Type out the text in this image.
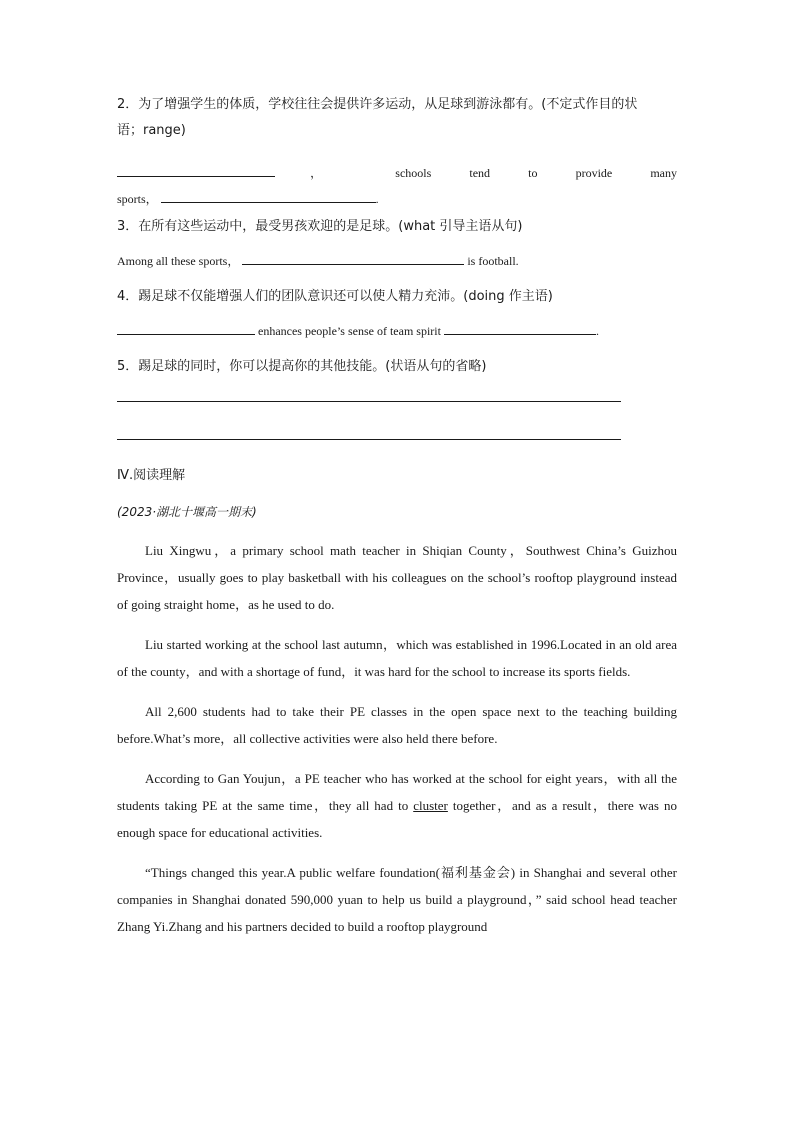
2．为了增强学生的体质，学校往往会提供许多运动，从足球到游泳都有。(不定式作目的状
语；range)

，	schools	tend	to	provide	many
sports，	.

3．在所有这些运动中，最受男孩欢迎的是足球。(what 引导主语从句)

Among all these sports，	is football.

4．踢足球不仅能增强人们的团队意识还可以使人精力充沛。(doing 作主语)

enhances people’s sense of team spirit	.

5．踢足球的同时，你可以提高你的其他技能。(状语从句的省略)

Ⅳ.阅读理解
(2023·湖北十堰高一期末)

Liu Xingwu，a primary school math teacher in Shiqian County，Southwest China’s Guizhou Province，usually goes to play basketball with his colleagues on the school’s rooftop playground instead of going straight home，as he used to do.

Liu started working at the school last autumn，which was established in 1996.Located in an old area of the county，and with a shortage of fund，it was hard for the school to increase its sports fields.

All 2,600 students had to take their PE classes in the open space next to the teaching building before.What’s more，all collective activities were also held there before.

According to Gan Youjun，a PE teacher who has worked at the school for eight years，with all the students taking PE at the same time，they all had to cluster together，and as a result，there was no enough space for educational activities.

“Things changed this year.A public welfare foundation(福利基金会) in Shanghai and several other companies in Shanghai donated 590,000 yuan to help us build a playground，” said school head teacher Zhang Yi.Zhang and his partners decided to build a rooftop playground
